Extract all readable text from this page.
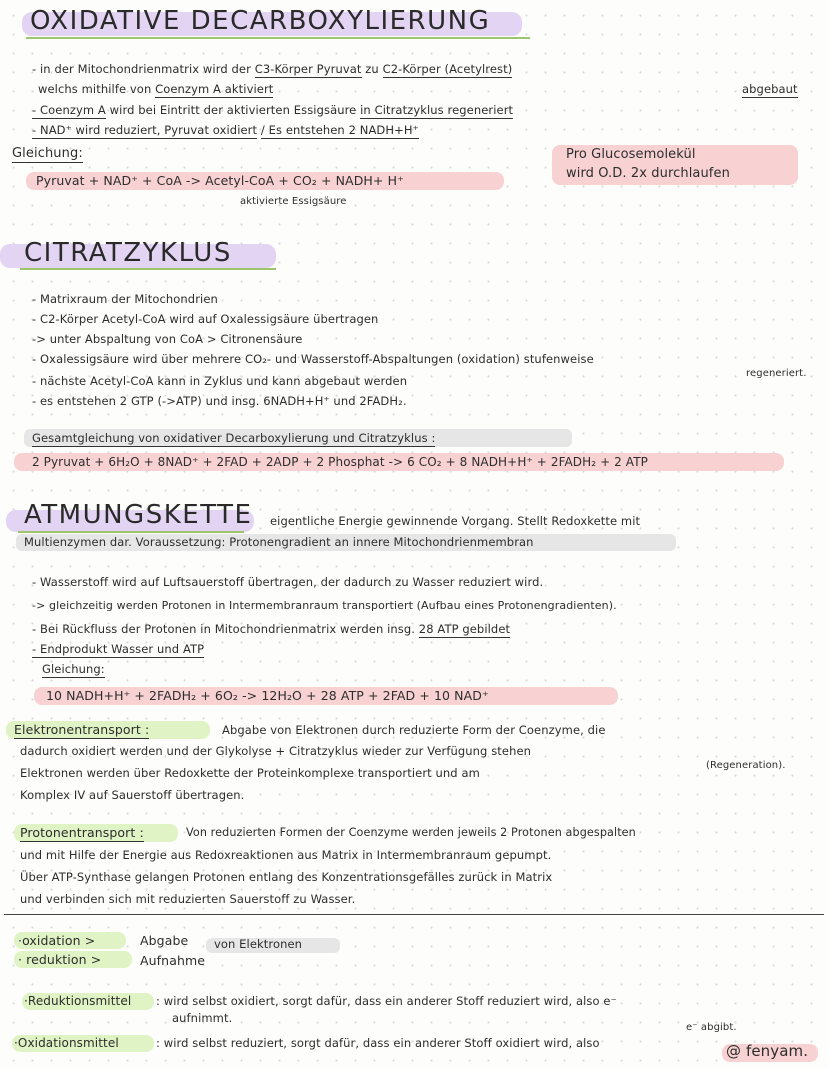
OXIDATIVE DECARBOXYLIERUNG
- in der Mitochondrienmatrix wird der C3-Körper Pyruvat zu C2-Körper (Acetylrest)
welchs mithilfe von Coenzym A aktiviert	abgebaut
- Coenzym A wird bei Eintritt der aktivierten Essigsäure in Citratzyklus regeneriert
- NAD⁺ wird reduziert, Pyruvat oxidiert / Es entstehen 2 NADH+H⁺
Gleichung:	Pro Glucosemolekül
wird O.D. 2x durchlaufen
Pyruvat + NAD⁺ + CoA -> Acetyl-CoA + CO₂ + NADH+ H⁺
aktivierte Essigsäure
CITRATZYKLUS
- Matrixraum der Mitochondrien
- C2-Körper Acetyl-CoA wird auf Oxalessigsäure übertragen
-> unter Abspaltung von CoA > Citronensäure
- Oxalessigsäure wird über mehrere CO₂- und Wasserstoff-Abspaltungen (oxidation) stufenweise
regeneriert.
- nächste Acetyl-CoA kann in Zyklus und kann abgebaut werden
- es entstehen 2 GTP (->ATP) und insg. 6NADH+H⁺ und 2FADH₂.
Gesamtgleichung von oxidativer Decarboxylierung und Citratzyklus :
2 Pyruvat + 6H₂O + 8NAD⁺ + 2FAD + 2ADP + 2 Phosphat -> 6 CO₂ + 8 NADH+H⁺ + 2FADH₂ + 2 ATP
ATMUNGSKETTE eigentliche Energie gewinnende Vorgang. Stellt Redoxkette mit
Multienzymen dar. Voraussetzung: Protonengradient an innere Mitochondrienmembran
- Wasserstoff wird auf Luftsauerstoff übertragen, der dadurch zu Wasser reduziert wird.
-> gleichzeitig werden Protonen in Intermembranraum transportiert (Aufbau eines Protonengradienten).
- Bei Rückfluss der Protonen in Mitochondrienmatrix werden insg. 28 ATP gebildet
- Endprodukt Wasser und ATP
Gleichung:
10 NADH+H⁺ + 2FADH₂ + 6O₂ -> 12H₂O + 28 ATP + 2FAD + 10 NAD⁺
Elektronentransport :	Abgabe von Elektronen durch reduzierte Form der Coenzyme, die
dadurch oxidiert werden und der Glykolyse + Citratzyklus wieder zur Verfügung stehen
(Regeneration).
Elektronen werden über Redoxkette der Proteinkomplexe transportiert und am
Komplex IV auf Sauerstoff übertragen.
Protonentransport :	Von reduzierten Formen der Coenzyme werden jeweils 2 Protonen abgespalten
und mit Hilfe der Energie aus Redoxreaktionen aus Matrix in Intermembranraum gepumpt.
Über ATP-Synthase gelangen Protonen entlang des Konzentrationsgefälles zurück in Matrix
und verbinden sich mit reduzierten Sauerstoff zu Wasser.
·oxidation >	Abgabe von Elektronen
· reduktion >	Aufnahme
·Reduktionsmittel : wird selbst oxidiert, sorgt dafür, dass ein anderer Stoff reduziert wird, also e⁻
aufnimmt.
·Oxidationsmittel	: wird selbst reduziert, sorgt dafür, dass ein anderer Stoff oxidiert wird, also
e⁻ abgibt.
@ fenyam.
